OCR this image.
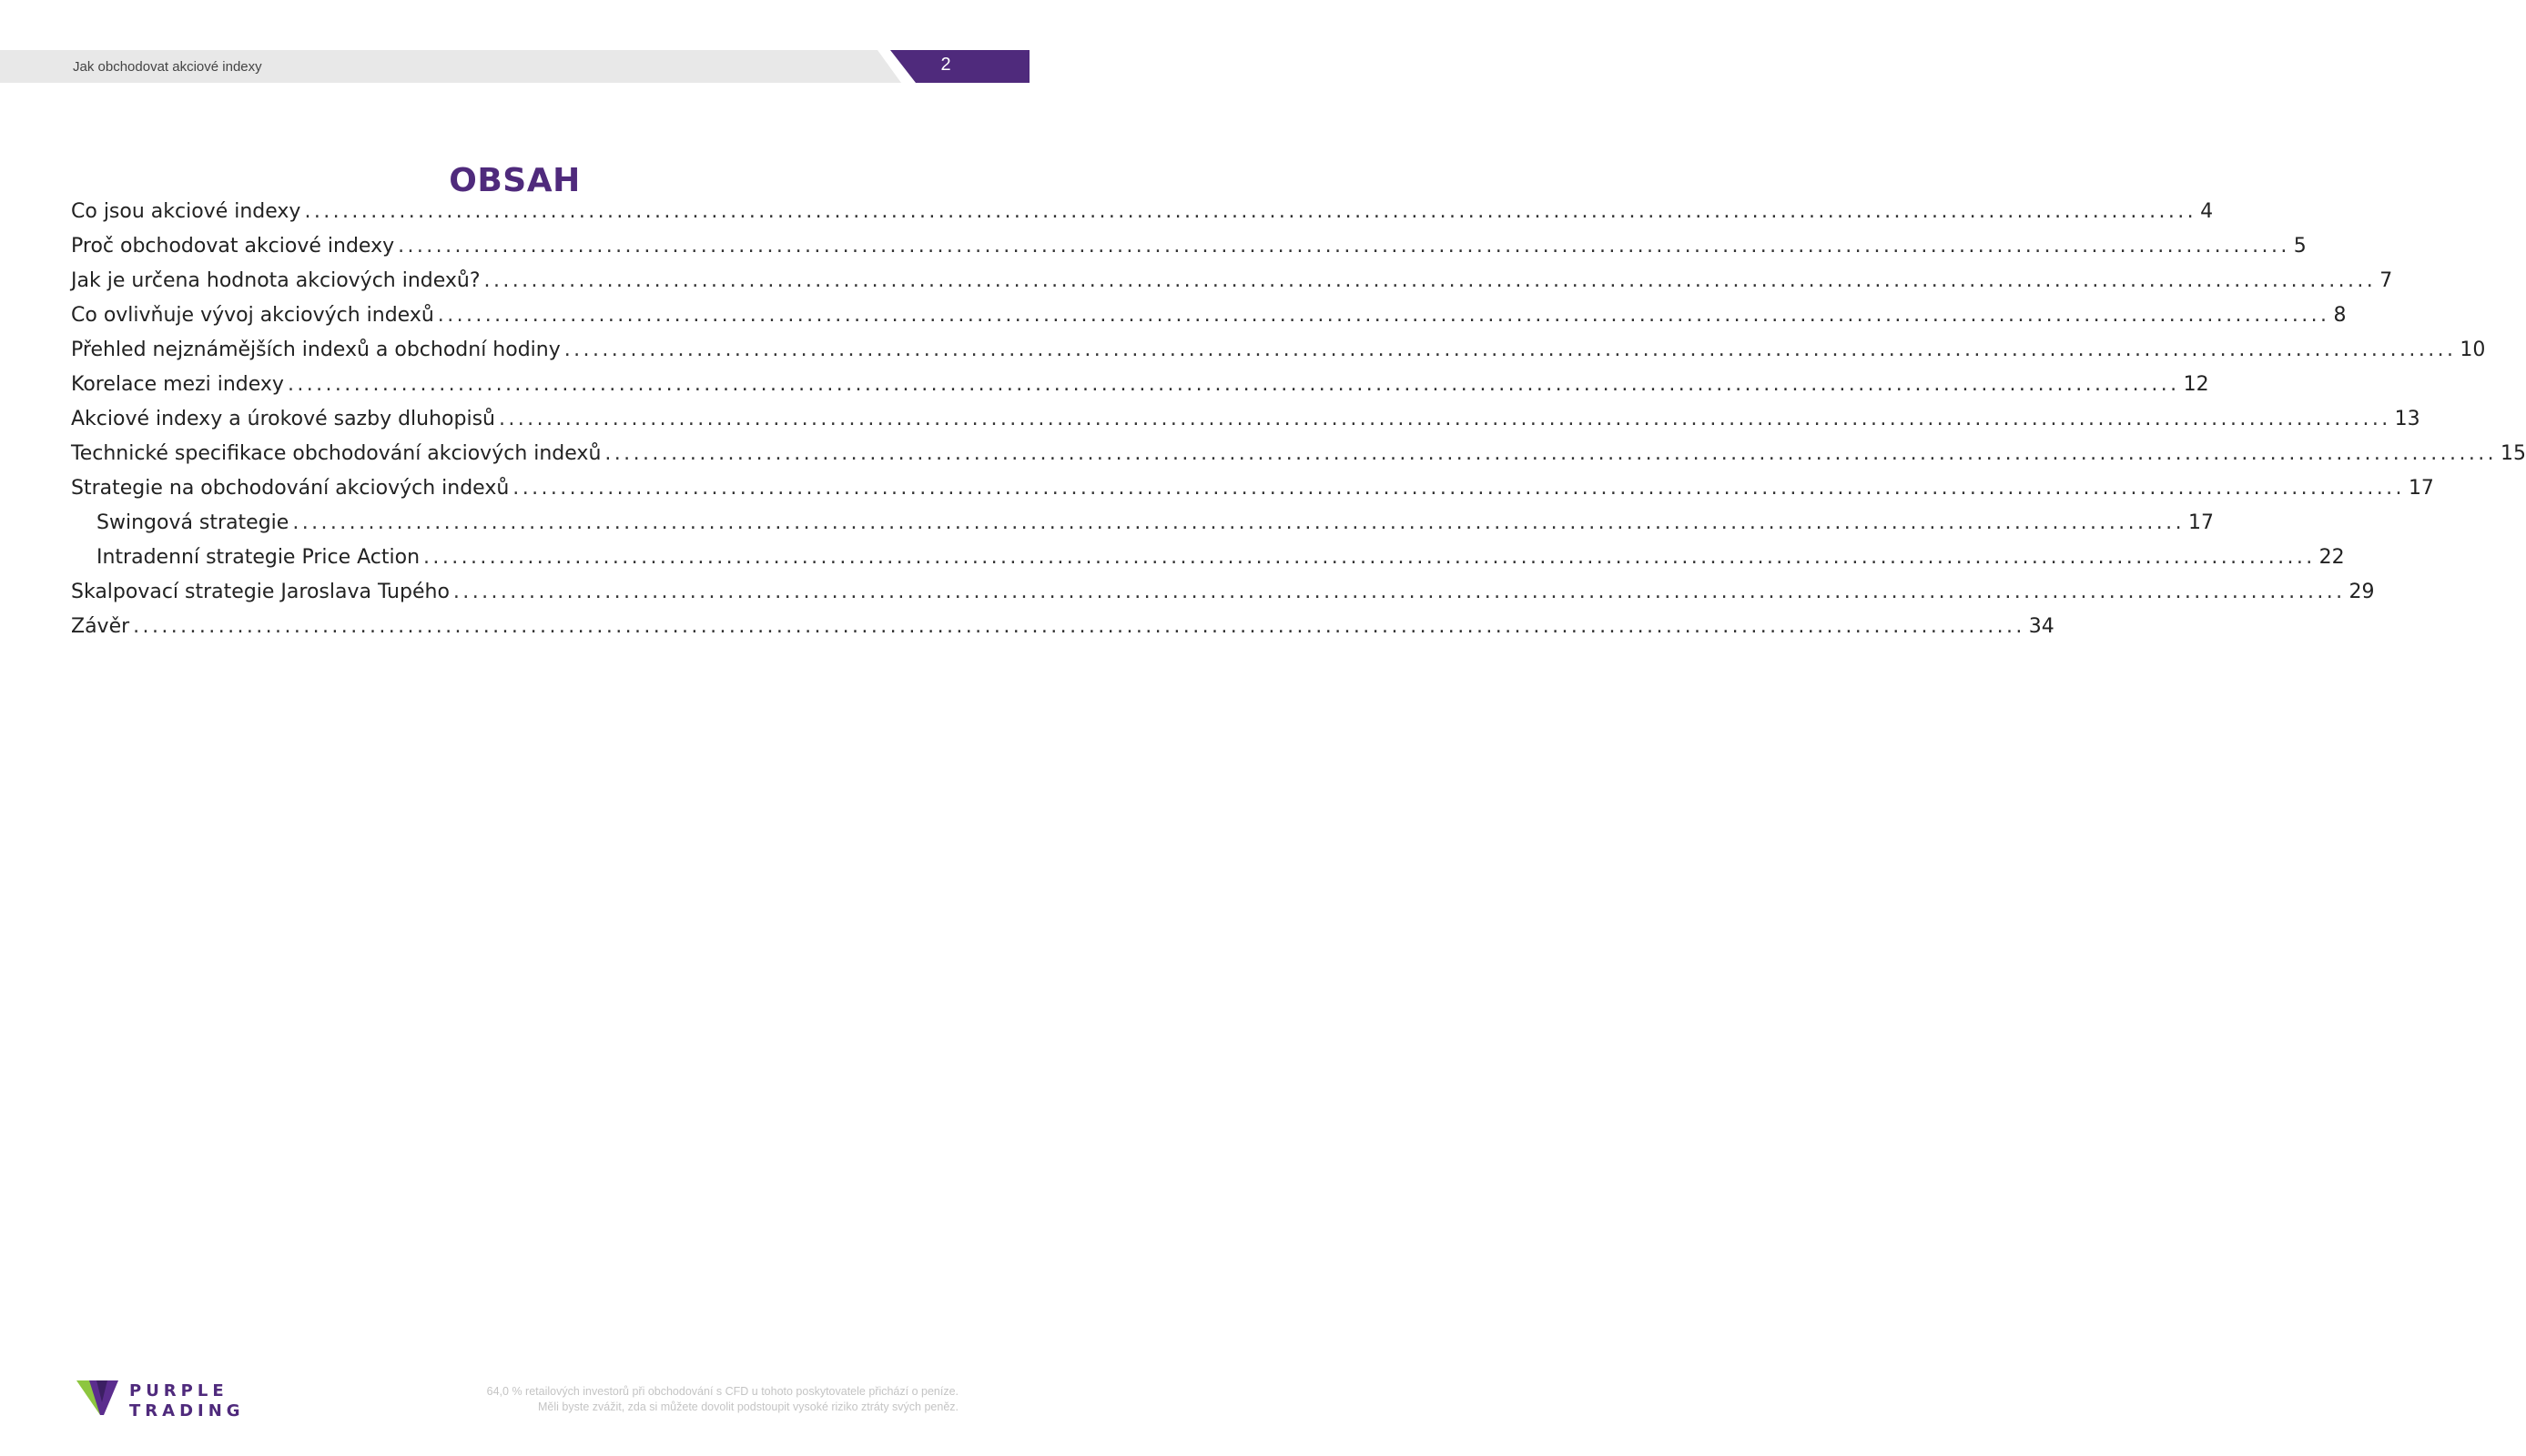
Jak obchodovat akciové indexy	2
OBSAH
Co jsou akciové indexy ........................................................................................................................................................................................................ 4
Proč obchodovat akciové indexy ........................................................................................................................................................................................................ 5
Jak je určena hodnota akciových indexů? ........................................................................................................................................................................................................ 7
Co ovlivňuje vývoj akciových indexů ........................................................................................................................................................................................................ 8
Přehled nejznámějších indexů a obchodní hodiny ........................................................................................................................................................................................................ 10
Korelace mezi indexy ........................................................................................................................................................................................................ 12
Akciové indexy a úrokové sazby dluhopisů ........................................................................................................................................................................................................ 13
Technické specifikace obchodování akciových indexů ........................................................................................................................................................................................................ 15
Strategie na obchodování akciových indexů ........................................................................................................................................................................................................ 17
Swingová strategie ........................................................................................................................................................................................................ 17
Intradenní strategie Price Action ........................................................................................................................................................................................................ 22
Skalpovací strategie Jaroslava Tupého ........................................................................................................................................................................................................ 29
Závěr ........................................................................................................................................................................................................ 34
PURPLE
TRADING
64,0 % retailových investorů při obchodování s CFD u tohoto poskytovatele přichází o peníze.
Měli byste zvážit, zda si můžete dovolit podstoupit vysoké riziko ztráty svých peněz.
